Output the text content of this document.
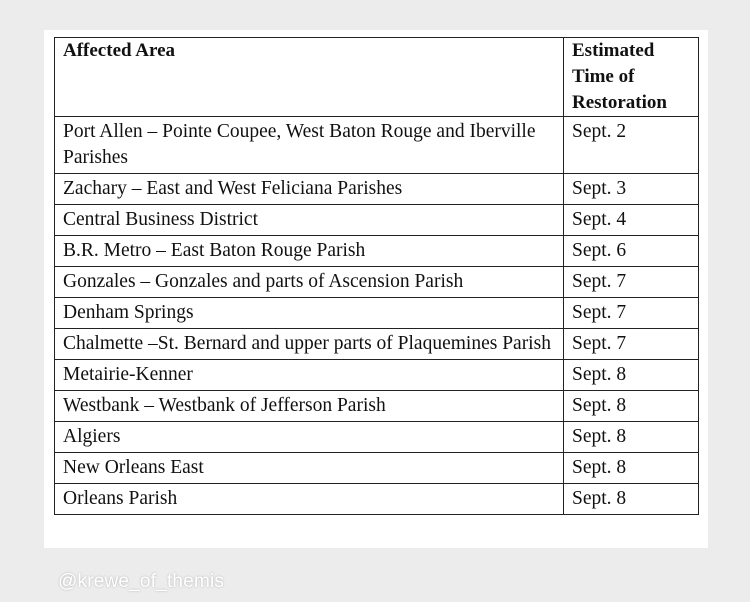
Affected Area	Estimated Time of Restoration
Port Allen – Pointe Coupee, West Baton Rouge and Iberville Parishes	Sept. 2
Zachary – East and West Feliciana Parishes	Sept. 3
Central Business District	Sept. 4
B.R. Metro – East Baton Rouge Parish	Sept. 6
Gonzales – Gonzales and parts of Ascension Parish	Sept. 7
Denham Springs	Sept. 7
Chalmette –St. Bernard and upper parts of Plaquemines Parish	Sept. 7
Metairie-Kenner	Sept. 8
Westbank – Westbank of Jefferson Parish	Sept. 8
Algiers	Sept. 8
New Orleans East	Sept. 8
Orleans Parish	Sept. 8
@krewe_of_themis
